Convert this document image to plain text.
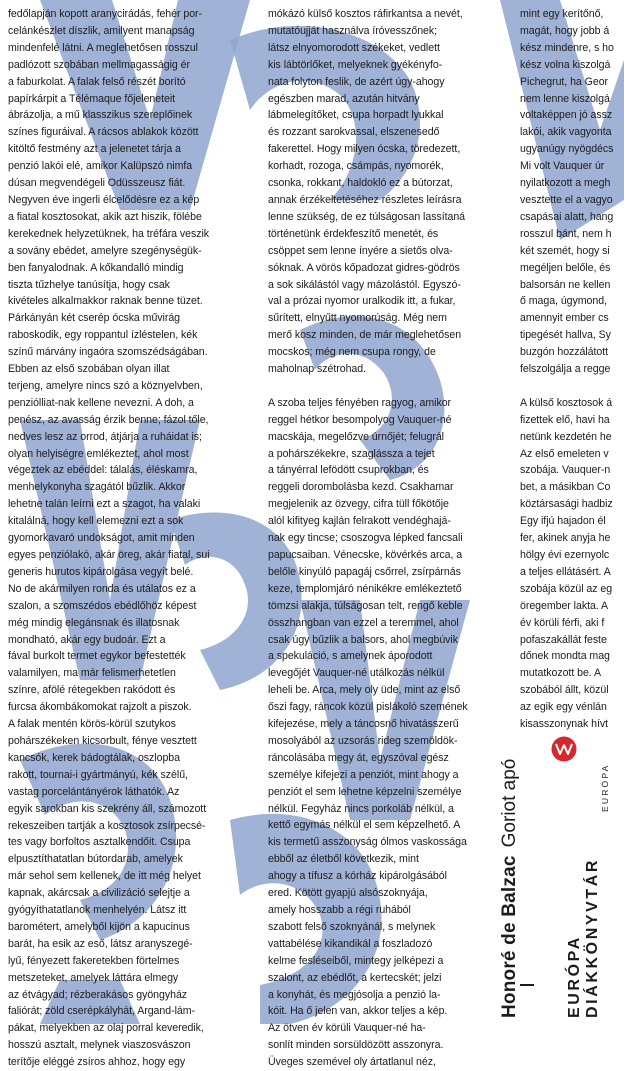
fedőlapján kopott aranycirádás, fehér por-

celánkészlet díszlik, amilyent manapság

mindenfelé látni. A meglehetősen rosszul

padlózott szobában mellmagasságig ér

a faburkolat. A falak felső részét borító

papírkárpit a Télémaque főjeleneteit

ábrázolja, a mű klasszikus szereplőinek

színes figuráival. A rácsos ablakok között

kitöltő festmény azt a jelenetet tárja a

penzió lakói elé, amikor Kalüpszó nimfa

dúsan megvendégeli Odüsszeusz fiát.

Negyven éve ingerli élcelődésre ez a kép

a fiatal kosztosokat, akik azt hiszik, fölébe

kerekednek helyzetüknek, ha tréfára veszik

a sovány ebédet, amelyre szegénységük-

ben fanyalodnak. A kőkandalló mindig

tiszta tűzhelye tanúsítja, hogy csak

kivételes alkalmakkor raknak benne tüzet.

Párkányán két cserép ócska művirág

raboskodik, egy roppantul ízléstelen, kék

színű márvány ingaóra szomszédságában.

Ebben az első szobában olyan illat

terjeng, amelyre nincs szó a köznyelvben,

penziólliat-nak kellene nevezni. A doh, a

penész, az avasság érzik benne; fázol tőle,

nedves lesz az orrod, átjárja a ruháidat is;

olyan helyiségre emlékeztet, ahol most

végeztek az ebéddel: tálalás, éléskamra,

menhelykonyha szagától bűzlik. Akkor

lehetne talán leírni ezt a szagot, ha valaki

kitalálná, hogy kell elemezni ezt a sok

gyomorkavaró undokságot, amit minden

egyes penziólakó, akár öreg, akár fiatal, sui

generis hurutos kipárolgása vegyít belé.

No de akármilyen ronda és utálatos ez a

szalon, a szomszédos ebédlőhöz képest

még mindig elegánsnak és illatosnak

mondható, akár egy budoár. Ezt a

fával burkolt termet egykor befestették

valamilyen, ma már felismerhetetlen

színre, afölé rétegekben rakódott és

furcsa ákombákomokat rajzolt a piszok.

A falak mentén körös-körül szutykos

pohárszékeken kicsorbult, fénye vesztett

kancsók, kerek bádogtálak, oszlopba

rakott, tournai-i gyártmányú, kék szélű,

vastag porcelántányérok láthatók. Az

egyik sarokban kis szekrény áll, számozott

rekeszeiben tartják a kosztosok zsírpecsé-

tes vagy borfoltos asztalkendőit. Csupa

elpusztíthatatlan bútordarab, amelyek

már sehol sem kellenek, de itt még helyet

kapnak, akárcsak a civilizáció selejtje a

gyógyíthatatlanok menhelyén. Látsz itt

barométert, amelyből kijön a kapucinus

barát, ha esik az eső, látsz aranyszegé-

lyű, fényezett fakeretekben förtelmes

metszeteket, amelyek láttára elmegy

az étvágyad; rézberakásos gyöngyház

faliórát; zöld cserépkályhát, Argand-lám-

pákat, melyekben az olaj porral keveredik,

hosszú asztalt, melynek viaszosvászon

terítője eléggé zsíros ahhoz, hogy egy

mókázó külső kosztos ráfirkantsa a nevét,

mutatóujját használva íróvesszőnek;

látsz elnyomorodott székeket, vedlett

kis lábtörlőket, melyeknek gyékényfo-

nata folyton feslik, de azért úgy-ahogy

egészben marad, azután hitvány

lábmelegítőket, csupa horpadt lyukkal

és rozzant sarokvassal, elszenesedő

fakerettel. Hogy milyen ócska, töredezett,

korhadt, rozoga, csámpás, nyomorék,

csonka, rokkant, haldokló ez a bútorzat,

annak érzékeltetéséhez részletes leírásra

lenne szükség, de ez túlságosan lassítaná

történetünk érdekfeszítő menetét, és

csöppet sem lenne ínyére a sietős olva-

sóknak. A vörös kőpadozat gidres-gödrös

a sok sikálástól vagy mázolástól. Egyszó-

val a prózai nyomor uralkodik itt, a fukar,

sűrített, elnyűtt nyomorúság. Még nem

merő kosz minden, de már meglehetősen

mocskos; még nem csupa rongy, de

maholnap szétrohad.

A szoba teljes fényében ragyog, amikor

reggel hétkor besompolyog Vauquer-né

macskája, megelőzve úrnőjét; felugrál

a pohárszékekre, szaglássza a tejet

a tányérral lefödött csuprokban, és

reggeli dorombolásba kezd. Csakhamar

megjelenik az özvegy, cifra tüll főkötője

alól kifityeg kajlán felrakott vendéghajá-

nak egy tincse; csoszogva lépked fancsali

papucsaiban. Vénecske, kövérkés arca, a

belőle kinyúló papagáj csőrrel, zsírpárnás

keze, templomjáró nénikékre emlékeztető

tömzsi alakja, túlságosan telt, rengő keble

összhangban van ezzel a teremmel, ahol

csak úgy bűzlik a balsors, ahol megbúvik

a spekuláció, s amelynek áporodott

levegőjét Vauquer-né utálkozás nélkül

leheli be. Arca, mely oly üde, mint az első

őszi fagy, ráncok közül pislákoló szemének

kifejezése, mely a táncosnő hivatásszerű

mosolyából az uzsorás rideg szemöldök-

ráncolásába megy át, egyszóval egész

személye kifejezi a penziót, mint ahogy a

penziót el sem lehetne képzelni személye

nélkül. Fegyház nincs porkoláb nélkül, a

kettő egymás nélkül el sem képzelhető. A

kis termetű asszonyság ólmos vaskossága

ebből az életből következik, mint

ahogy a tífusz a kórház kipárolgásából

ered. Kötött gyapjú alsószoknyája,

amely hosszabb a régi ruhából

szabott felső szoknyánál, s melynek

vattabélése kikandikál a foszladozó

kelme fesléseiből, mintegy jelképezi a

szalont, az ebédlőt, a kertecskét; jelzi

a konyhát, és megjósolja a penzió la-

kóit. Ha ő jelen van, akkor teljes a kép.

Az ötven év körüli Vauquer-né ha-

sonlít minden sorsüldözött asszonyra.

Üveges szemével oly ártatlanul néz,

mint egy kerítőnő,

magát, hogy jobb á

kész mindenre, s ho

kész volna kiszolgá

Pichegrut, ha Geor

nem lenne kiszolgá

voltaképpen jó assz

lakói, akik vagyonta

ugyanúgy nyögdécs

Mi volt Vauquer úr

nyilatkozott a megh

vesztette el a vagyo

csapásai alatt, hang

rosszul bánt, nem h

két szemét, hogy si

megéljen belőle, és

balsorsán ne kellen

ő maga, úgymond,

amennyit ember cs

tipegését hallva, Sy

buzgón hozzálátott

felszolgálja a regge

A külső kosztosok á

fizettek elő, havi ha

netünk kezdetén he

Az első emeleten v

szobája. Vauquer-n

bet, a másikban Co

köztársasági hadbiz

Egy ifjú hajadon él

fer, akinek anyja he

hölgy évi ezernyolc

a teljes ellátásért. A

szobája közül az eg

öregember lakta. A

év körüli férfi, aki f

pofaszakállát feste

dőnek mondta mag

mutatkozott be. A

szobából állt, közül

az egik egy vénlán

kisasszonynak hívt

EURÓPA
Honoré de BalzacGoriot apó
EURÓPA DIÁKKÖNYVTÁR
